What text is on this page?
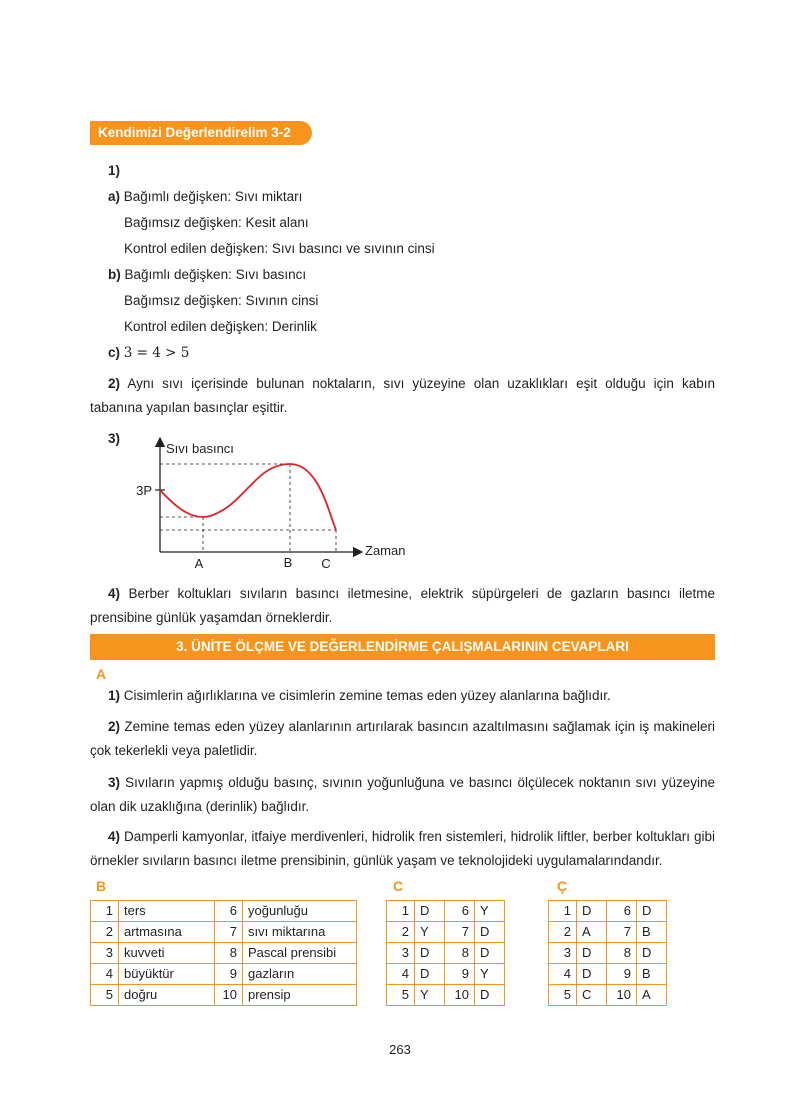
Kendimizi Değerlendirelim 3-2
1)
a) Bağımlı değişken: Sıvı miktarı
Bağımsız değişken: Kesit alanı
Kontrol edilen değişken: Sıvı basıncı ve sıvının cinsi
b) Bağımlı değişken: Sıvı basıncı
Bağımsız değişken: Sıvının cinsi
Kontrol edilen değişken: Derinlik
c) 3 = 4 > 5
2) Aynı sıvı içerisinde bulunan noktaların, sıvı yüzeyine olan uzaklıkları eşit olduğu için kabın tabanına yapılan basınçlar eşittir.
3)
Sıvı basıncı
Zaman
3P
A	B C
4) Berber koltukları sıvıların basıncı iletmesine, elektrik süpürgeleri de gazların basıncı iletme prensibine günlük yaşamdan örneklerdir.
3. ÜNİTE ÖLÇME VE DEĞERLENDİRME ÇALIŞMALARININ CEVAPLARI
A
1) Cisimlerin ağırlıklarına ve cisimlerin zemine temas eden yüzey alanlarına bağlıdır.
2) Zemine temas eden yüzey alanlarının artırılarak basıncın azaltılmasını sağlamak için iş makineleri çok tekerlekli veya paletlidir.
3) Sıvıların yapmış olduğu basınç, sıvının yoğunluğuna ve basıncı ölçülecek noktanın sıvı yüzeyine olan dik uzaklığına (derinlik) bağlıdır.
4) Damperli kamyonlar, itfaiye merdivenleri, hidrolik fren sistemleri, hidrolik liftler, berber koltukları gibi örnekler sıvıların basıncı iletme prensibinin, günlük yaşam ve teknolojideki uygulamalarındandır.
B	C	Ç
1	ters	6	yoğunluğu
2	artmasına	7	sıvı miktarına
3	kuvveti	8	Pascal prensibi
4	büyüktür	9	gazların
5	doğru	10	prensip
1	D	6	Y
2	Y	7	D
3	D	8	D
4	D	9	Y
5	Y	10	D
1	D	6	D
2	A	7	B
3	D	8	D
4	D	9	B
5	C	10	A
263
